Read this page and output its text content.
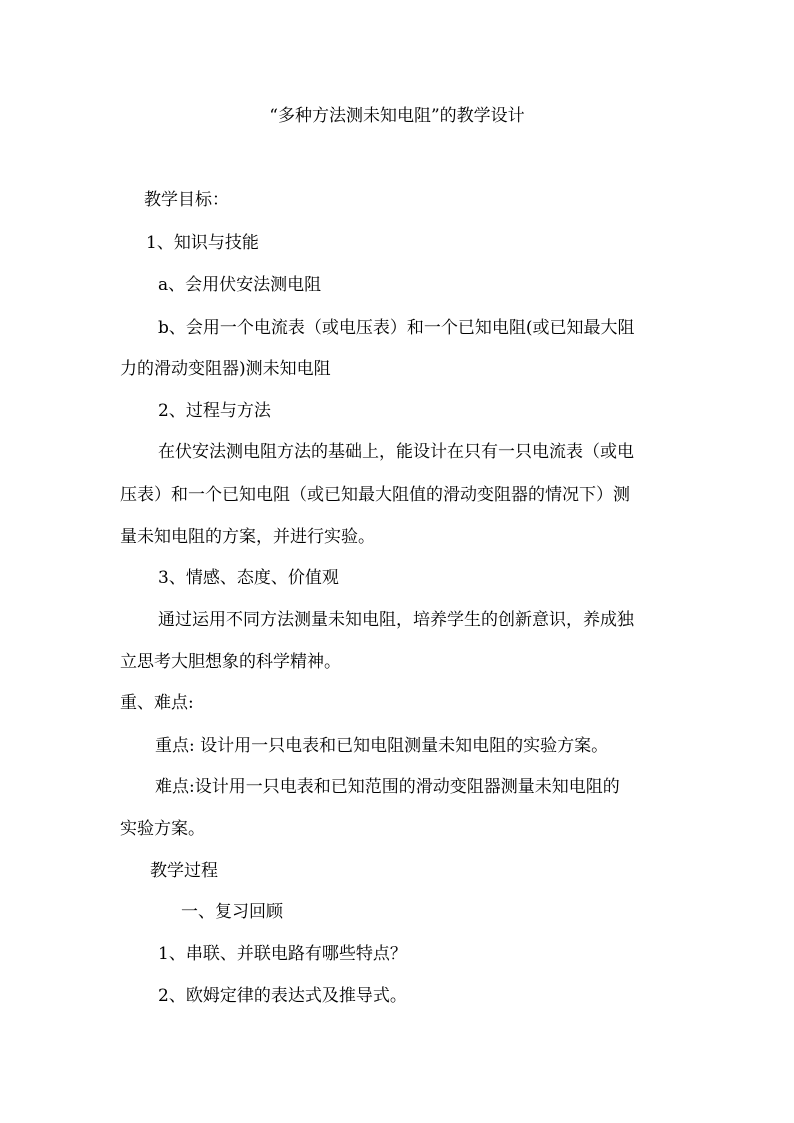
“多种方法测未知电阻”的教学设计
教学目标：
1、知识与技能
a、会用伏安法测电阻
b、会用一个电流表（或电压表）和一个已知电阻(或已知最大阻
力的滑动变阻器)测未知电阻
2、过程与方法
在伏安法测电阻方法的基础上，能设计在只有一只电流表（或电
压表）和一个已知电阻（或已知最大阻值的滑动变阻器的情况下）测
量未知电阻的方案，并进行实验。
3、情感、态度、价值观
通过运用不同方法测量未知电阻，培养学生的创新意识，养成独
立思考大胆想象的科学精神。
重、难点:
重点: 设计用一只电表和已知电阻测量未知电阻的实验方案。
难点:设计用一只电表和已知范围的滑动变阻器测量未知电阻的
实验方案。
教学过程
一、复习回顾
1、串联、并联电路有哪些特点？
2、欧姆定律的表达式及推导式。
